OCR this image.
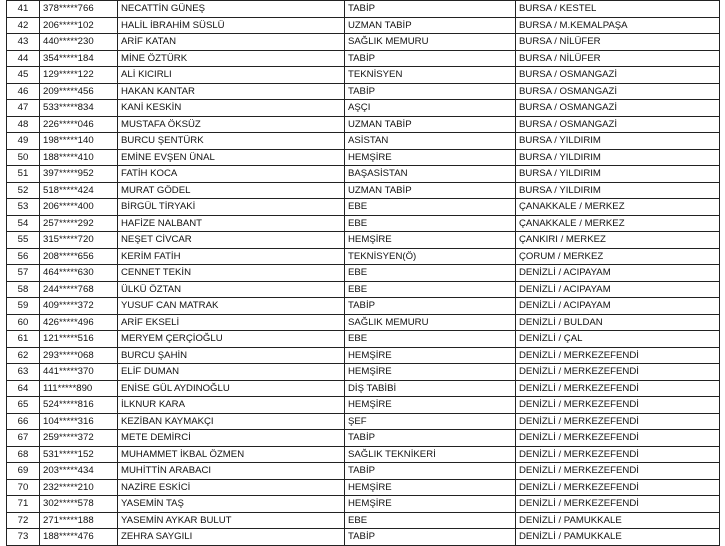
41	378*****766	NECATTİN GÜNEŞ	TABİP	BURSA / KESTEL
42	206*****102	HALİL İBRAHİM SÜSLÜ	UZMAN TABİP	BURSA / M.KEMALPAŞA
43	440*****230	ARİF KATAN	SAĞLIK MEMURU	BURSA / NİLÜFER
44	354*****184	MİNE ÖZTÜRK	TABİP	BURSA / NİLÜFER
45	129*****122	ALİ KICIRLI	TEKNİSYEN	BURSA / OSMANGAZİ
46	209*****456	HAKAN KANTAR	TABİP	BURSA / OSMANGAZİ
47	533*****834	KANİ KESKİN	AŞÇI	BURSA / OSMANGAZİ
48	226*****046	MUSTAFA ÖKSÜZ	UZMAN TABİP	BURSA / OSMANGAZİ
49	198*****140	BURCU ŞENTÜRK	ASİSTAN	BURSA / YILDIRIM
50	188*****410	EMİNE EVŞEN ÜNAL	HEMŞİRE	BURSA / YILDIRIM
51	397*****952	FATİH KOCA	BAŞASİSTAN	BURSA / YILDIRIM
52	518*****424	MURAT GÖDEL	UZMAN TABİP	BURSA / YILDIRIM
53	206*****400	BİRGÜL TİRYAKİ	EBE	ÇANAKKALE / MERKEZ
54	257*****292	HAFİZE NALBANT	EBE	ÇANAKKALE / MERKEZ
55	315*****720	NEŞET CİVCAR	HEMŞİRE	ÇANKIRI / MERKEZ
56	208*****656	KERİM FATİH	TEKNİSYEN(Ö)	ÇORUM / MERKEZ
57	464*****630	CENNET TEKİN	EBE	DENİZLİ / ACIPAYAM
58	244*****768	ÜLKÜ ÖZTAN	EBE	DENİZLİ / ACIPAYAM
59	409*****372	YUSUF CAN MATRAK	TABİP	DENİZLİ / ACIPAYAM
60	426*****496	ARİF EKSELİ	SAĞLIK MEMURU	DENİZLİ / BULDAN
61	121*****516	MERYEM ÇERÇİOĞLU	EBE	DENİZLİ / ÇAL
62	293*****068	BURCU ŞAHİN	HEMŞİRE	DENİZLİ / MERKEZEFENDİ
63	441*****370	ELİF DUMAN	HEMŞİRE	DENİZLİ / MERKEZEFENDİ
64	111*****890	ENİSE GÜL AYDINOĞLU	DİŞ TABİBİ	DENİZLİ / MERKEZEFENDİ
65	524*****816	İLKNUR KARA	HEMŞİRE	DENİZLİ / MERKEZEFENDİ
66	104*****316	KEZİBAN KAYMAKÇI	ŞEF	DENİZLİ / MERKEZEFENDİ
67	259*****372	METE DEMİRCİ	TABİP	DENİZLİ / MERKEZEFENDİ
68	531*****152	MUHAMMET İKBAL ÖZMEN	SAĞLIK TEKNİKERİ	DENİZLİ / MERKEZEFENDİ
69	203*****434	MUHİTTİN ARABACI	TABİP	DENİZLİ / MERKEZEFENDİ
70	232*****210	NAZİRE ESKİCİ	HEMŞİRE	DENİZLİ / MERKEZEFENDİ
71	302*****578	YASEMİN TAŞ	HEMŞİRE	DENİZLİ / MERKEZEFENDİ
72	271*****188	YASEMİN AYKAR BULUT	EBE	DENİZLİ / PAMUKKALE
73	188*****476	ZEHRA SAYGILI	TABİP	DENİZLİ / PAMUKKALE
